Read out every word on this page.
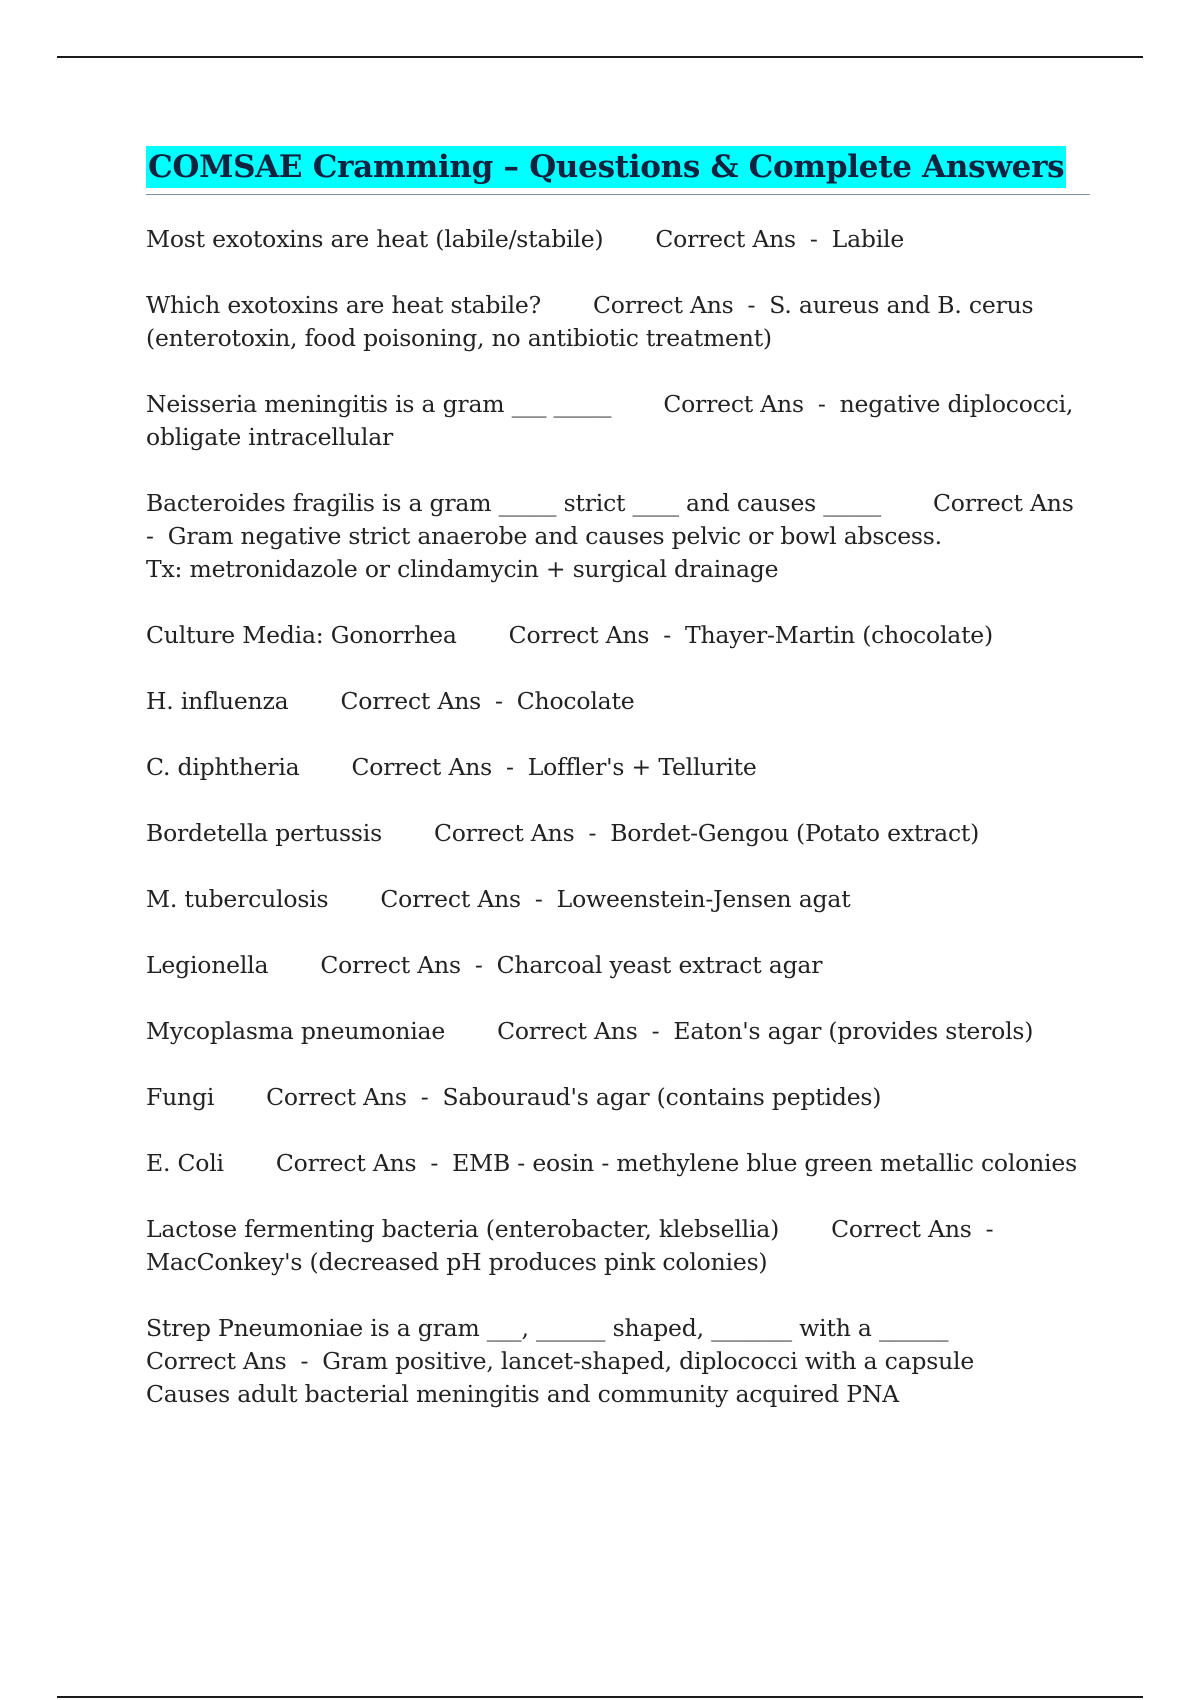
COMSAE Cramming – Questions & Complete Answers

Most exotoxins are heat (labile/stabile) Correct Ans - Labile

Which exotoxins are heat stabile? Correct Ans - S. aureus and B. cerus (enterotoxin, food poisoning, no antibiotic treatment)

Neisseria meningitis is a gram ___ _____ Correct Ans - negative diplococci, obligate intracellular

Bacteroides fragilis is a gram _____ strict ____ and causes _____ Correct Ans- Gram negative strict anaerobe and causes pelvic or bowl abscess.
Tx: metronidazole or clindamycin + surgical drainage

Culture Media: Gonorrhea Correct Ans - Thayer-Martin (chocolate)

H. influenza Correct Ans - Chocolate

C. diphtheria Correct Ans - Loffler's + Tellurite

Bordetella pertussis Correct Ans - Bordet-Gengou (Potato extract)

M. tuberculosis Correct Ans - Loweenstein-Jensen agat

Legionella Correct Ans - Charcoal yeast extract agar

Mycoplasma pneumoniae Correct Ans - Eaton's agar (provides sterols)

Fungi Correct Ans - Sabouraud's agar (contains peptides)

E. Coli Correct Ans - EMB - eosin - methylene blue green metallic colonies

Lactose fermenting bacteria (enterobacter, klebsellia) Correct Ans -MacConkey's (decreased pH produces pink colonies)

Strep Pneumoniae is a gram ___, ______ shaped, _______ with a ______Correct Ans - Gram positive, lancet-shaped, diplococci with a capsule
Causes adult bacterial meningitis and community acquired PNA
